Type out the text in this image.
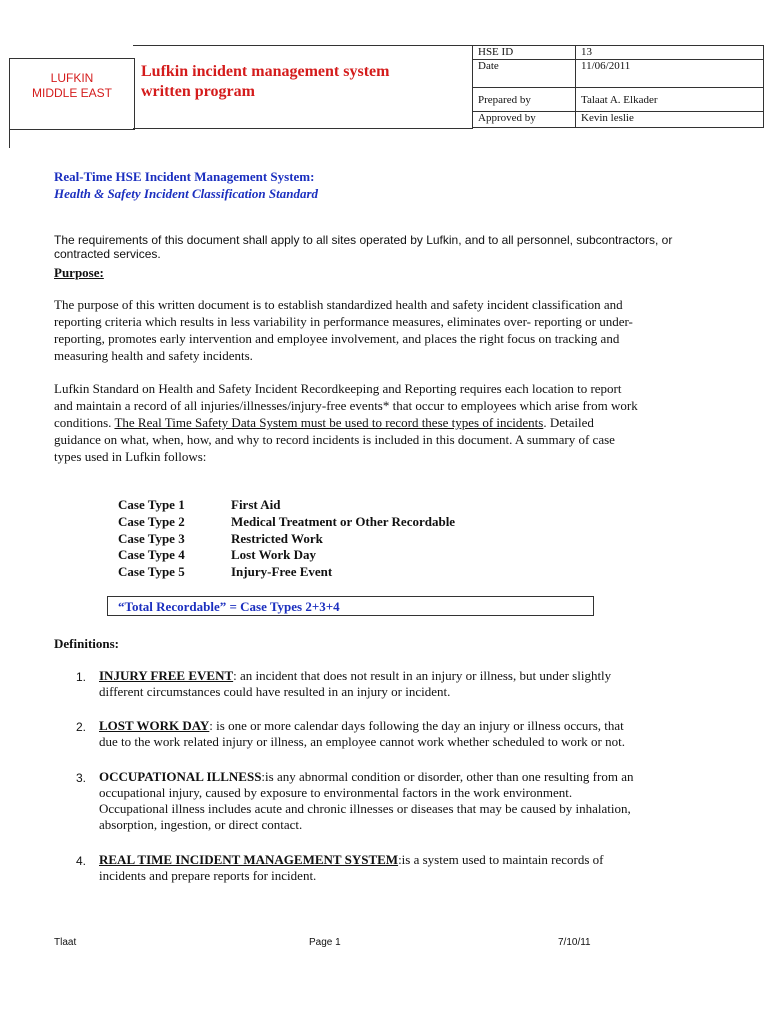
LUFKIN
MIDDLE EAST
Lufkin incident management system
written program
HSE ID	13
Date	11/06/2011
Prepared by	Talaat A. Elkader
Approved by	Kevin leslie
Real-Time HSE Incident Management System:
Health & Safety Incident Classification Standard
The requirements of this document shall apply to all sites operated by Lufkin, and to all personnel, subcontractors, or
contracted services.
Purpose:
The purpose of this written document is to establish standardized health and safety incident classification and
reporting criteria which results in less variability in performance measures, eliminates over- reporting or under-
reporting, promotes early intervention and employee involvement, and places the right focus on tracking and
measuring health and safety incidents.
Lufkin Standard on Health and Safety Incident Recordkeeping and Reporting requires each location to report
and maintain a record of all injuries/illnesses/injury-free events* that occur to employees which arise from work
conditions. The Real Time Safety Data System must be used to record these types of incidents. Detailed
guidance on what, when, how, and why to record incidents is included in this document. A summary of case
types used in Lufkin follows:
Case Type 1	First Aid
Case Type 2	Medical Treatment or Other Recordable
Case Type 3	Restricted Work
Case Type 4	Lost Work Day
Case Type 5	Injury-Free Event
“Total Recordable” = Case Types 2+3+4
Definitions:
1. INJURY FREE EVENT: an incident that does not result in an injury or illness, but under slightly
different circumstances could have resulted in an injury or incident.
2. LOST WORK DAY: is one or more calendar days following the day an injury or illness occurs, that
due to the work related injury or illness, an employee cannot work whether scheduled to work or not.
3. OCCUPATIONAL ILLNESS:is any abnormal condition or disorder, other than one resulting from an
occupational injury, caused by exposure to environmental factors in the work environment.
Occupational illness includes acute and chronic illnesses or diseases that may be caused by inhalation,
absorption, ingestion, or direct contact.
4. REAL TIME INCIDENT MANAGEMENT SYSTEM:is a system used to maintain records of
incidents and prepare reports for incident.
Tlaat	Page 1	7/10/11
